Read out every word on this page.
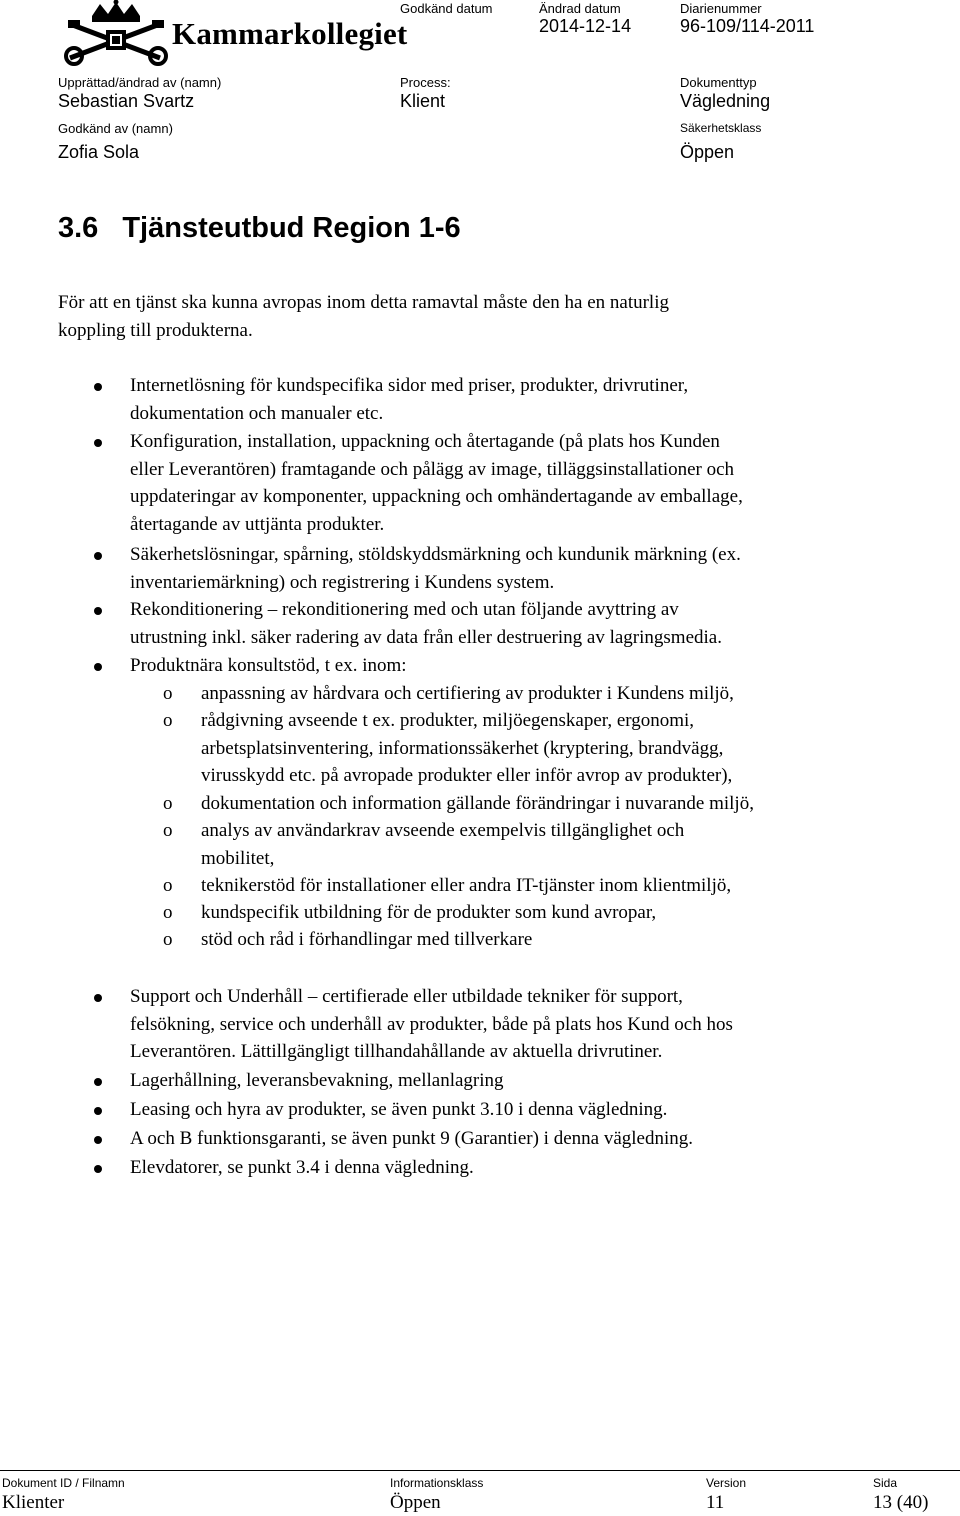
Kammarkollegiet
Godkänd datum	Ändrad datum
2014-12-14
Diarienummer
96-109/114-2011
Upprättad/ändrad av (namn)
Sebastian Svartz
Process:
Klient
Dokumenttyp
Vägledning
Godkänd av (namn)
Zofia Sola
Säkerhetsklass
Öppen
3.6 Tjänsteutbud Region 1-6
För att en tjänst ska kunna avropas inom detta ramavtal måste den ha en naturlig
koppling till produkterna.
Internetlösning för kundspecifika sidor med priser, produkter, drivrutiner,
dokumentation och manualer etc.
Konfiguration, installation, uppackning och återtagande (på plats hos Kunden
eller Leverantören) framtagande och pålägg av image, tilläggsinstallationer och
uppdateringar av komponenter, uppackning och omhändertagande av emballage,
återtagande av uttjänta produkter.
Säkerhetslösningar, spårning, stöldskyddsmärkning och kundunik märkning (ex.
inventariemärkning) och registrering i Kundens system.
Rekonditionering – rekonditionering med och utan följande avyttring av
utrustning inkl. säker radering av data från eller destruering av lagringsmedia.
Produktnära konsultstöd, t ex. inom:
o anpassning av hårdvara och certifiering av produkter i Kundens miljö,
o rådgivning avseende t ex. produkter, miljöegenskaper, ergonomi,
arbetsplatsinventering, informationssäkerhet (kryptering, brandvägg,
virusskydd etc. på avropade produkter eller inför avrop av produkter),
o dokumentation och information gällande förändringar i nuvarande miljö,
o analys av användarkrav avseende exempelvis tillgänglighet och
mobilitet,
o teknikerstöd för installationer eller andra IT-tjänster inom klientmiljö,
o kundspecifik utbildning för de produkter som kund avropar,
o stöd och råd i förhandlingar med tillverkare
Support och Underhåll – certifierade eller utbildade tekniker för support,
felsökning, service och underhåll av produkter, både på plats hos Kund och hos
Leverantören. Lättillgängligt tillhandahållande av aktuella drivrutiner.
Lagerhållning, leveransbevakning, mellanlagring
Leasing och hyra av produkter, se även punkt 3.10 i denna vägledning.
A och B funktionsgaranti, se även punkt 9 (Garantier) i denna vägledning.
Elevdatorer, se punkt 3.4 i denna vägledning.
Dokument ID / Filnamn
Klienter
Informationsklass
Öppen
Version
11
Sida
13 (40)
